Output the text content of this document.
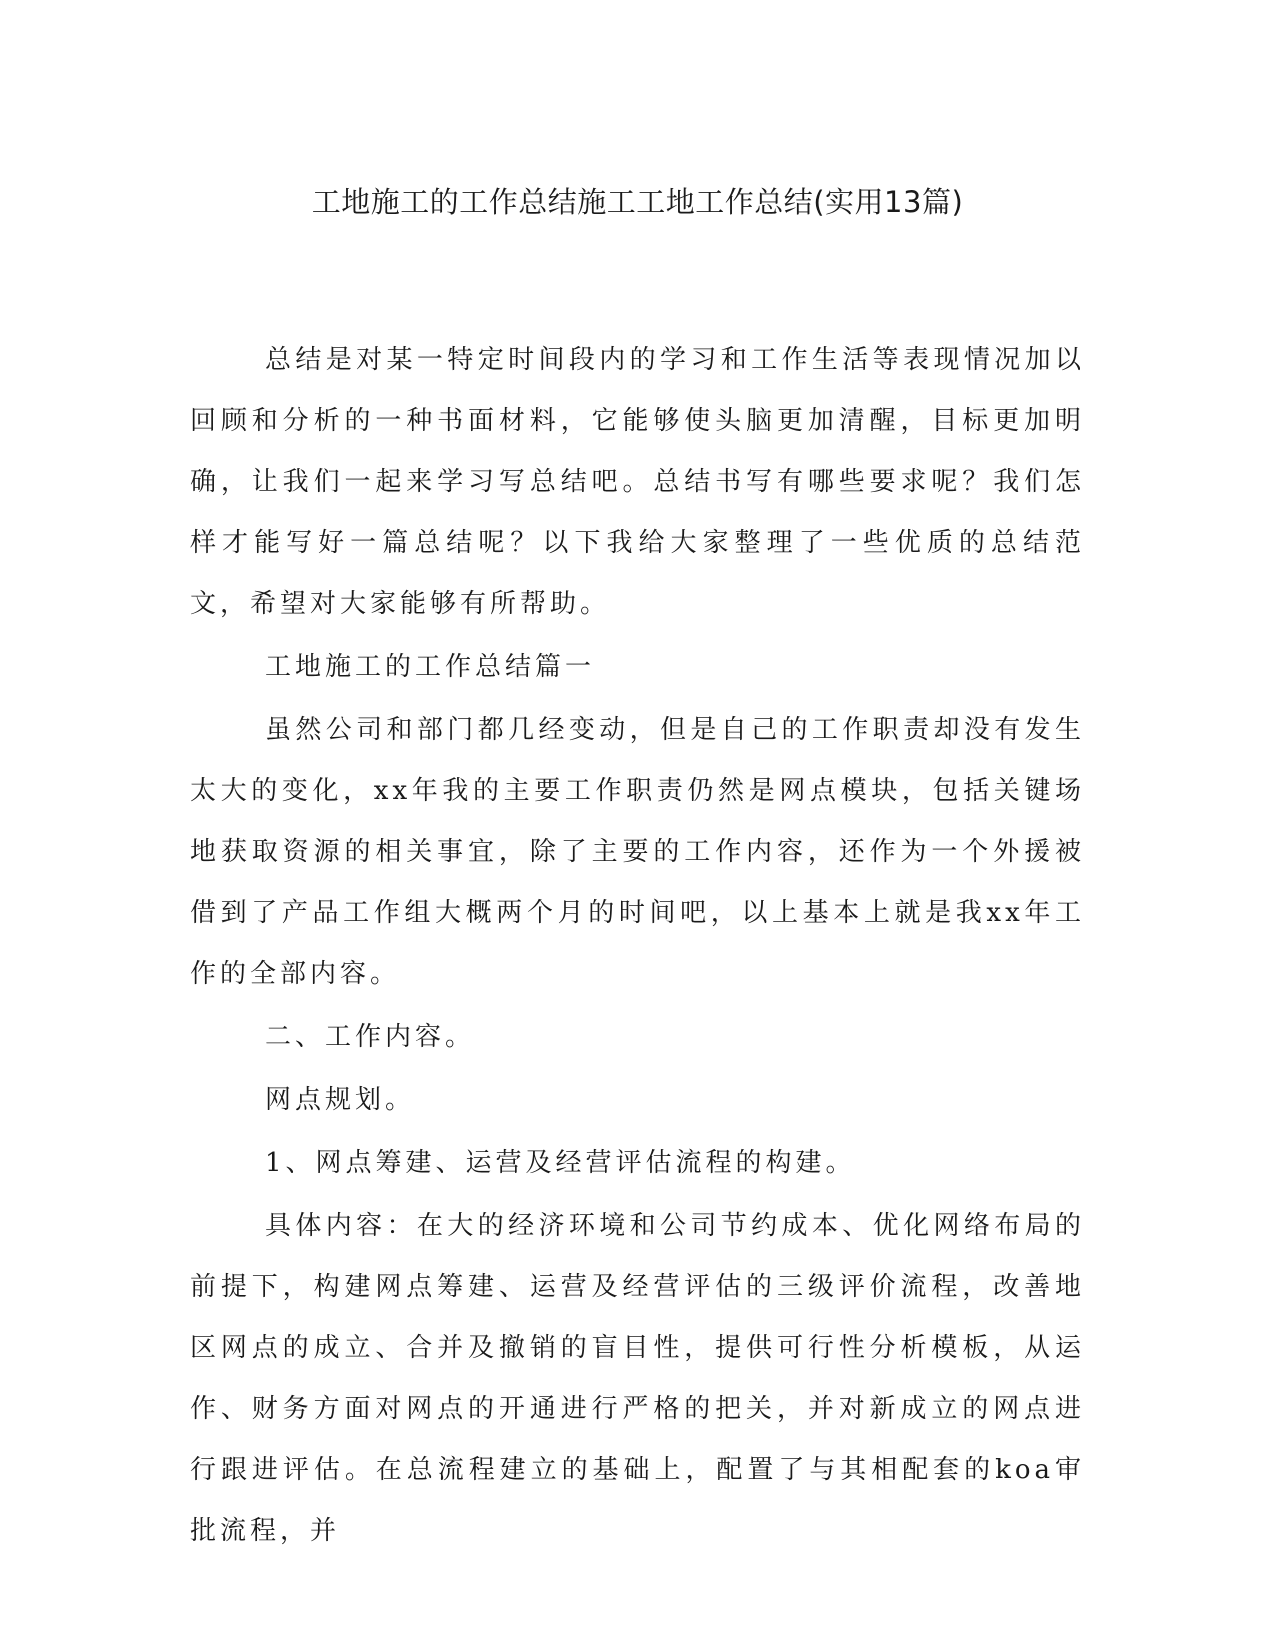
工地施工的工作总结施工工地工作总结(实用13篇)

总结是对某一特定时间段内的学习和工作生活等表现情况加以回顾和分析的一种书面材料，它能够使头脑更加清醒，目标更加明确，让我们一起来学习写总结吧。总结书写有哪些要求呢？我们怎样才能写好一篇总结呢？以下我给大家整理了一些优质的总结范文，希望对大家能够有所帮助。

工地施工的工作总结篇一

虽然公司和部门都几经变动，但是自己的工作职责却没有发生太大的变化，xx年我的主要工作职责仍然是网点模块，包括关键场地获取资源的相关事宜，除了主要的工作内容，还作为一个外援被借到了产品工作组大概两个月的时间吧，以上基本上就是我xx年工作的全部内容。

二、工作内容。

网点规划。

1、网点筹建、运营及经营评估流程的构建。

具体内容：在大的经济环境和公司节约成本、优化网络布局的前提下，构建网点筹建、运营及经营评估的三级评价流程，改善地区网点的成立、合并及撤销的盲目性，提供可行性分析模板，从运作、财务方面对网点的开通进行严格的把关，并对新成立的网点进行跟进评估。在总流程建立的基础上，配置了与其相配套的koa审批流程，并
